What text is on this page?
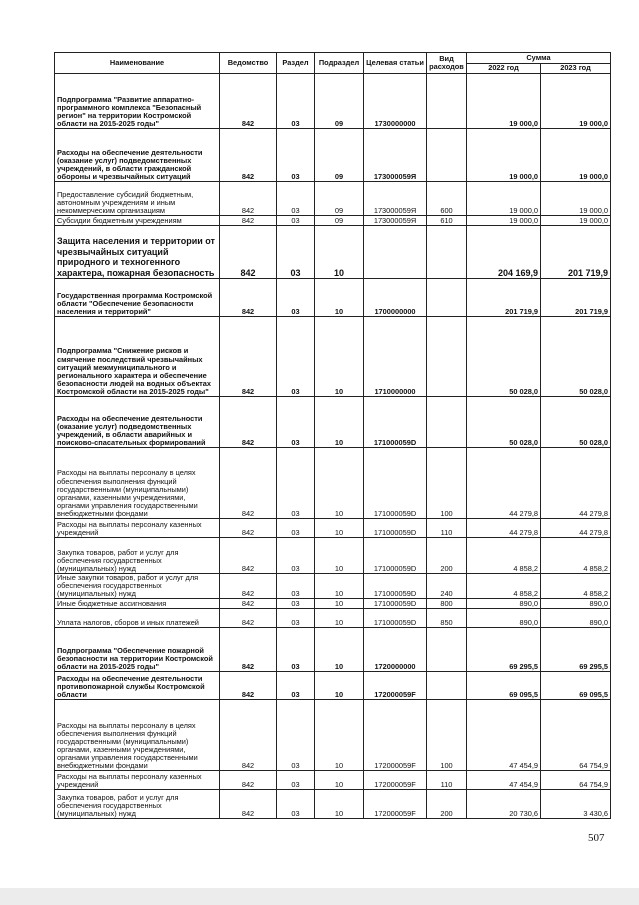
Наименование	Ведомство	Раздел	Подраздел	Целевая статьи	Вид расходов	Сумма	
						2022 год	2023 год
Подпрограмма "Развитие аппаратно-программного комплекса "Безопасный регион" на территории Костромской области на 2015-2025 годы"	842	03	09	1730000000		19 000,0	19 000,0
Расходы на обеспечение деятельности (оказание услуг) подведомственных учреждений, в области гражданской обороны и чрезвычайных ситуаций	842	03	09	173000059Я		19 000,0	19 000,0
Предоставление субсидий бюджетным, автономным учреждениям и иным некоммерческим организациям	842	03	09	173000059Я	600	19 000,0	19 000,0
Субсидии бюджетным учреждениям	842	03	09	173000059Я	610	19 000,0	19 000,0
Защита населения и территории от чрезвычайных ситуаций природного и техногенного характера, пожарная безопасность	842	03	10			204 169,9	201 719,9
Государственная программа Костромской области "Обеспечение безопасности населения и территорий"	842	03	10	1700000000		201 719,9	201 719,9
Подпрограмма "Снижение рисков и смягчение последствий чрезвычайных ситуаций межмуниципального и регионального характера и обеспечение безопасности людей на водных объектах Костромской области на 2015-2025 годы"	842	03	10	1710000000		50 028,0	50 028,0
Расходы на обеспечение деятельности (оказание услуг) подведомственных учреждений, в области аварийных и поисково-спасательных формирований	842	03	10	171000059D		50 028,0	50 028,0
Расходы на выплаты персоналу в целях обеспечения выполнения функций государственными (муниципальными) органами, казенными учреждениями, органами управления государственными внебюджетными фондами	842	03	10	171000059D	100	44 279,8	44 279,8
Расходы на выплаты персоналу казенных учреждений	842	03	10	171000059D	110	44 279,8	44 279,8
Закупка товаров, работ и услуг для обеспечения государственных (муниципальных) нужд	842	03	10	171000059D	200	4 858,2	4 858,2
Иные закупки товаров, работ и услуг для обеспечения государственных (муниципальных) нужд	842	03	10	171000059D	240	4 858,2	4 858,2
Иные бюджетные ассигнования	842	03	10	171000059D	800	890,0	890,0
Уплата налогов, сборов и иных платежей	842	03	10	171000059D	850	890,0	890,0
Подпрограмма "Обеспечение пожарной безопасности на территории Костромской области на 2015-2025 годы"	842	03	10	1720000000		69 295,5	69 295,5
Расходы на обеспечение деятельности противопожарной службы Костромской области	842	03	10	172000059F		69 095,5	69 095,5
Расходы на выплаты персоналу в целях обеспечения выполнения функций государственными (муниципальными) органами, казенными учреждениями, органами управления государственными внебюджетными фондами	842	03	10	172000059F	100	47 454,9	64 754,9
Расходы на выплаты персоналу казенных учреждений	842	03	10	172000059F	110	47 454,9	64 754,9
Закупка товаров, работ и услуг для обеспечения государственных (муниципальных) нужд	842	03	10	172000059F	200	20 730,6	3 430,6
507
